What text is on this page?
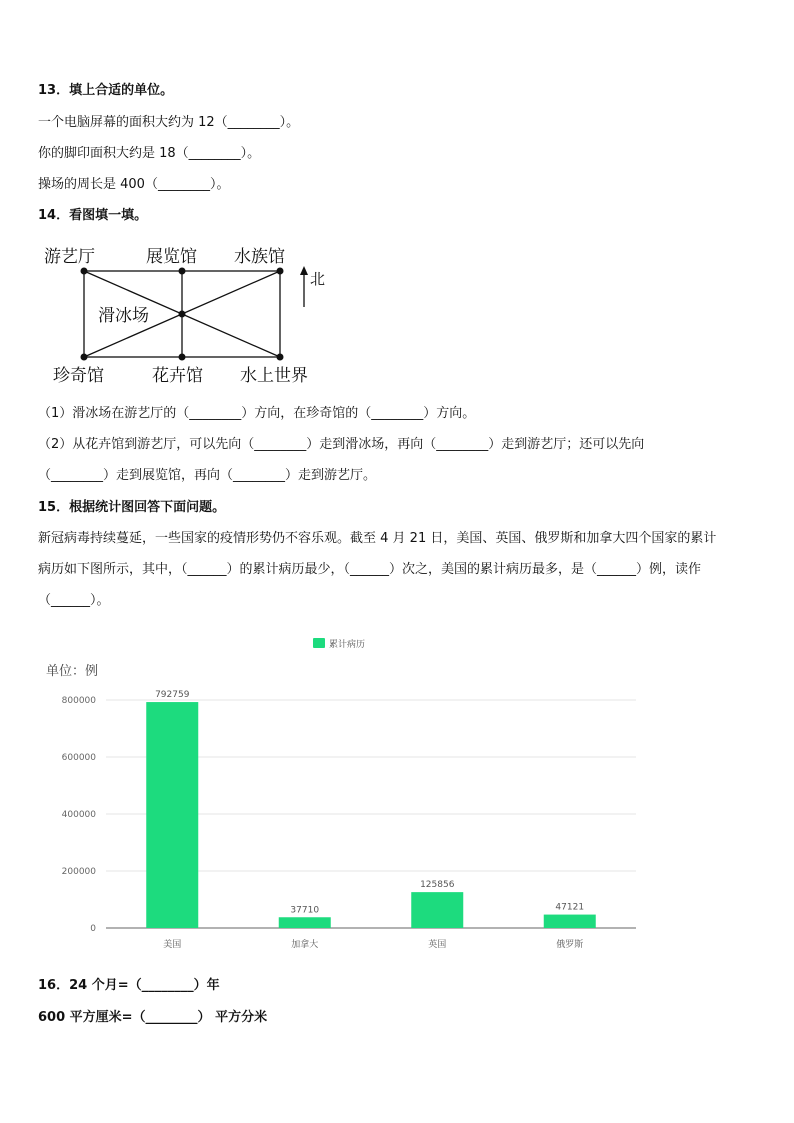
13．填上合适的单位。
一个电脑屏幕的面积大约为 12（________）。
你的脚印面积大约是 18（________）。
操场的周长是 400（________）。
14．看图填一填。
游艺厅	展览馆 水族馆
滑冰场
珍奇馆	花卉馆 水上世界
北
（1）滑冰场在游艺厅的（________）方向，在珍奇馆的（________）方向。
（2）从花卉馆到游艺厅，可以先向（________）走到滑冰场，再向（________）走到游艺厅；还可以先向
（________）走到展览馆，再向（________）走到游艺厅。
15．根据统计图回答下面问题。
新冠病毒持续蔓延，一些国家的疫情形势仍不容乐观。截至 4 月 21 日，美国、英国、俄罗斯和加拿大四个国家的累计
病历如下图所示，其中，（______）的累计病历最少，（______）次之，美国的累计病历最多，是（______）例，读作
（______）。
累计病历
单位：例
0
200000
400000
600000
800000
792759
37710
125856
47121
美国	加拿大	英国	俄罗斯
16．24 个月=（________）年
600 平方厘米=（________） 平方分米
